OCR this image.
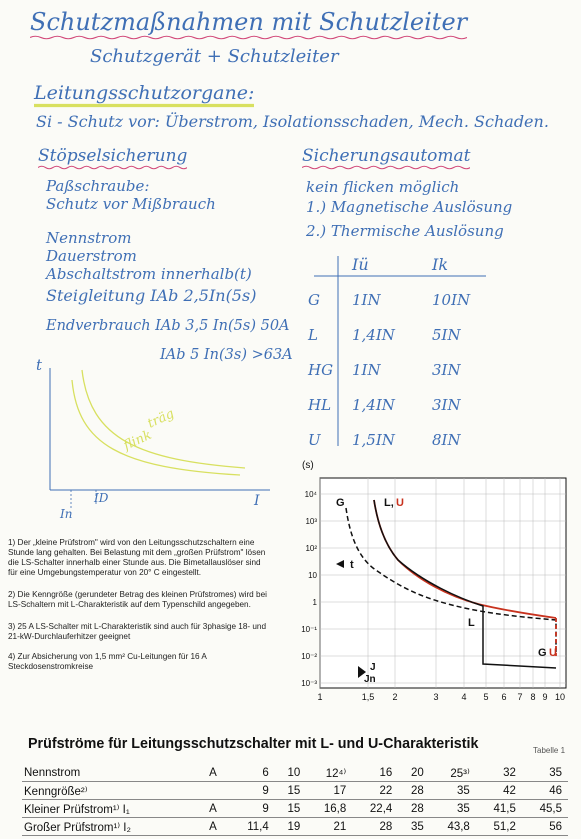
Schutzmaßnahmen mit Schutzleiter
Schutzgerät + Schutzleiter
Leitungsschutzorgane:
Si - Schutz vor: Überstrom, Isolationsschaden, Mech. Schaden.
Stöpselsicherung	Sicherungsautomat
Paßschraube:
Schutz vor Mißbrauch
Nennstrom
Dauerstrom
Abschaltstrom innerhalb(t)
Steigleitung IAb 2,5In(5s)
Endverbrauch IAb 3,5 In(5s) 50A
IAb 5 In(3s) >63A
kein flicken möglich
1.) Magnetische Auslösung
2.) Thermische Auslösung
Iü	Ik
G 1IN	10IN
L 1,4IN 5IN
HG 1IN	3IN
HL 1,4IN 3IN
U 1,5IN 8IN
t
I
In
ID
träg
flink
(s)
10⁴
10³
10²
10
1
10⁻¹
10⁻²
10⁻³
1	1,5 2	3	4 5 6 7 8 9 10
G	L, U
t
L
G U
J
Jn
1) Der „kleine Prüfstrom" wird von den Leitungsschutzschaltern eine Stunde lang gehalten. Bei Belastung mit dem „großen Prüfstrom" lösen die LS-Schalter innerhalb einer Stunde aus. Die Bimetallauslöser sind für eine Umgebungstemperatur von 20° C eingestellt.
2) Die Kenngröße (gerundeter Betrag des kleinen Prüfstromes) wird bei LS-Schaltern mit L-Charakteristik auf dem Typenschild angegeben.
3) 25 A LS-Schalter mit L-Charakteristik sind auch für 3phasige 18- und 21-kW-Durchlauferhitzer geeignet
4) Zur Absicherung von 1,5 mm² Cu-Leitungen für 16 A Steckdosenstromkreise
Prüfströme für Leitungsschutzschalter mit L- und U-Charakteristik	Tabelle 1
Nennstrom	A	6	10	12⁴⁾	16	20	25³⁾	32	35
Kenngröße²⁾		9	15	17	22	28	35	42	46
Kleiner Prüfstrom¹⁾ I₁	A	9	15	16,8	22,4	28	35	41,5	45,5
Großer Prüfstrom¹⁾ I₂	A	11,4	19	21	28	35	43,8	51,2	56
